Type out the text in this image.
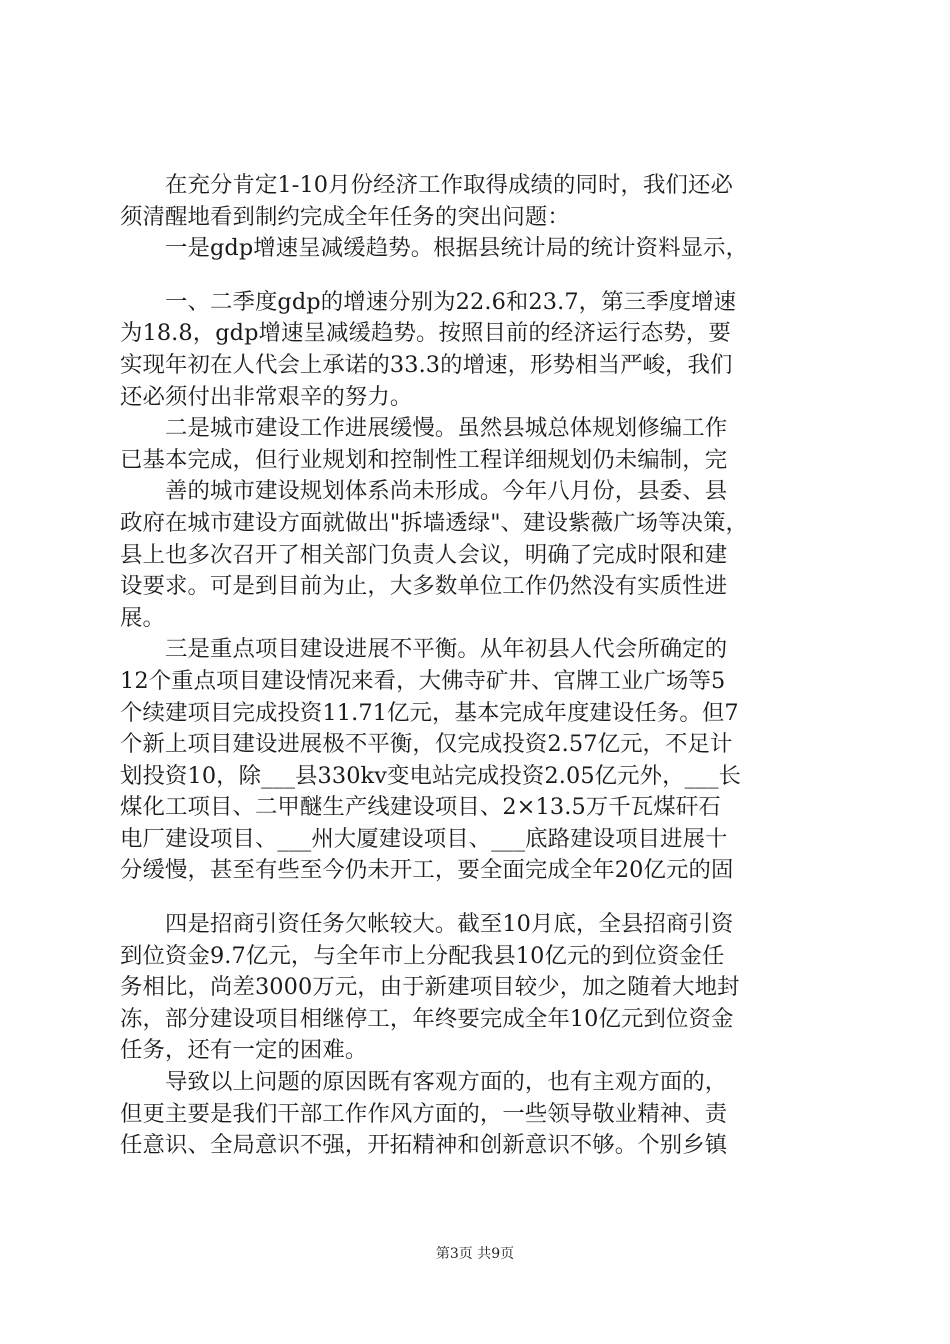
　　在充分肯定1-10月份经济工作取得成绩的同时，我们还必
须清醒地看到制约完成全年任务的突出问题：
　　一是gdp增速呈减缓趋势。根据县统计局的统计资料显示，
　　一、二季度gdp的增速分别为22.6和23.7，第三季度增速
为18.8，gdp增速呈减缓趋势。按照目前的经济运行态势，要
实现年初在人代会上承诺的33.3的增速，形势相当严峻，我们
还必须付出非常艰辛的努力。
　　二是城市建设工作进展缓慢。虽然县城总体规划修编工作
已基本完成，但行业规划和控制性工程详细规划仍未编制，完
　　善的城市建设规划体系尚未形成。今年八月份，县委、县
政府在城市建设方面就做出"拆墙透绿"、建设紫薇广场等决策，
县上也多次召开了相关部门负责人会议，明确了完成时限和建
设要求。可是到目前为止，大多数单位工作仍然没有实质性进
展。
　　三是重点项目建设进展不平衡。从年初县人代会所确定的
12个重点项目建设情况来看，大佛寺矿井、官牌工业广场等5
个续建项目完成投资11.71亿元，基本完成年度建设任务。但7
个新上项目建设进展极不平衡，仅完成投资2.57亿元，不足计
划投资10，除___县330kv变电站完成投资2.05亿元外，___长
煤化工项目、二甲醚生产线建设项目、2×13.5万千瓦煤矸石
电厂建设项目、___州大厦建设项目、___底路建设项目进展十
分缓慢，甚至有些至今仍未开工，要全面完成全年20亿元的固
　　四是招商引资任务欠帐较大。截至10月底，全县招商引资
到位资金9.7亿元，与全年市上分配我县10亿元的到位资金任
务相比，尚差3000万元，由于新建项目较少，加之随着大地封
冻，部分建设项目相继停工，年终要完成全年10亿元到位资金
任务，还有一定的困难。
　　导致以上问题的原因既有客观方面的，也有主观方面的，
但更主要是我们干部工作作风方面的，一些领导敬业精神、责
任意识、全局意识不强，开拓精神和创新意识不够。个别乡镇
第3页 共9页
